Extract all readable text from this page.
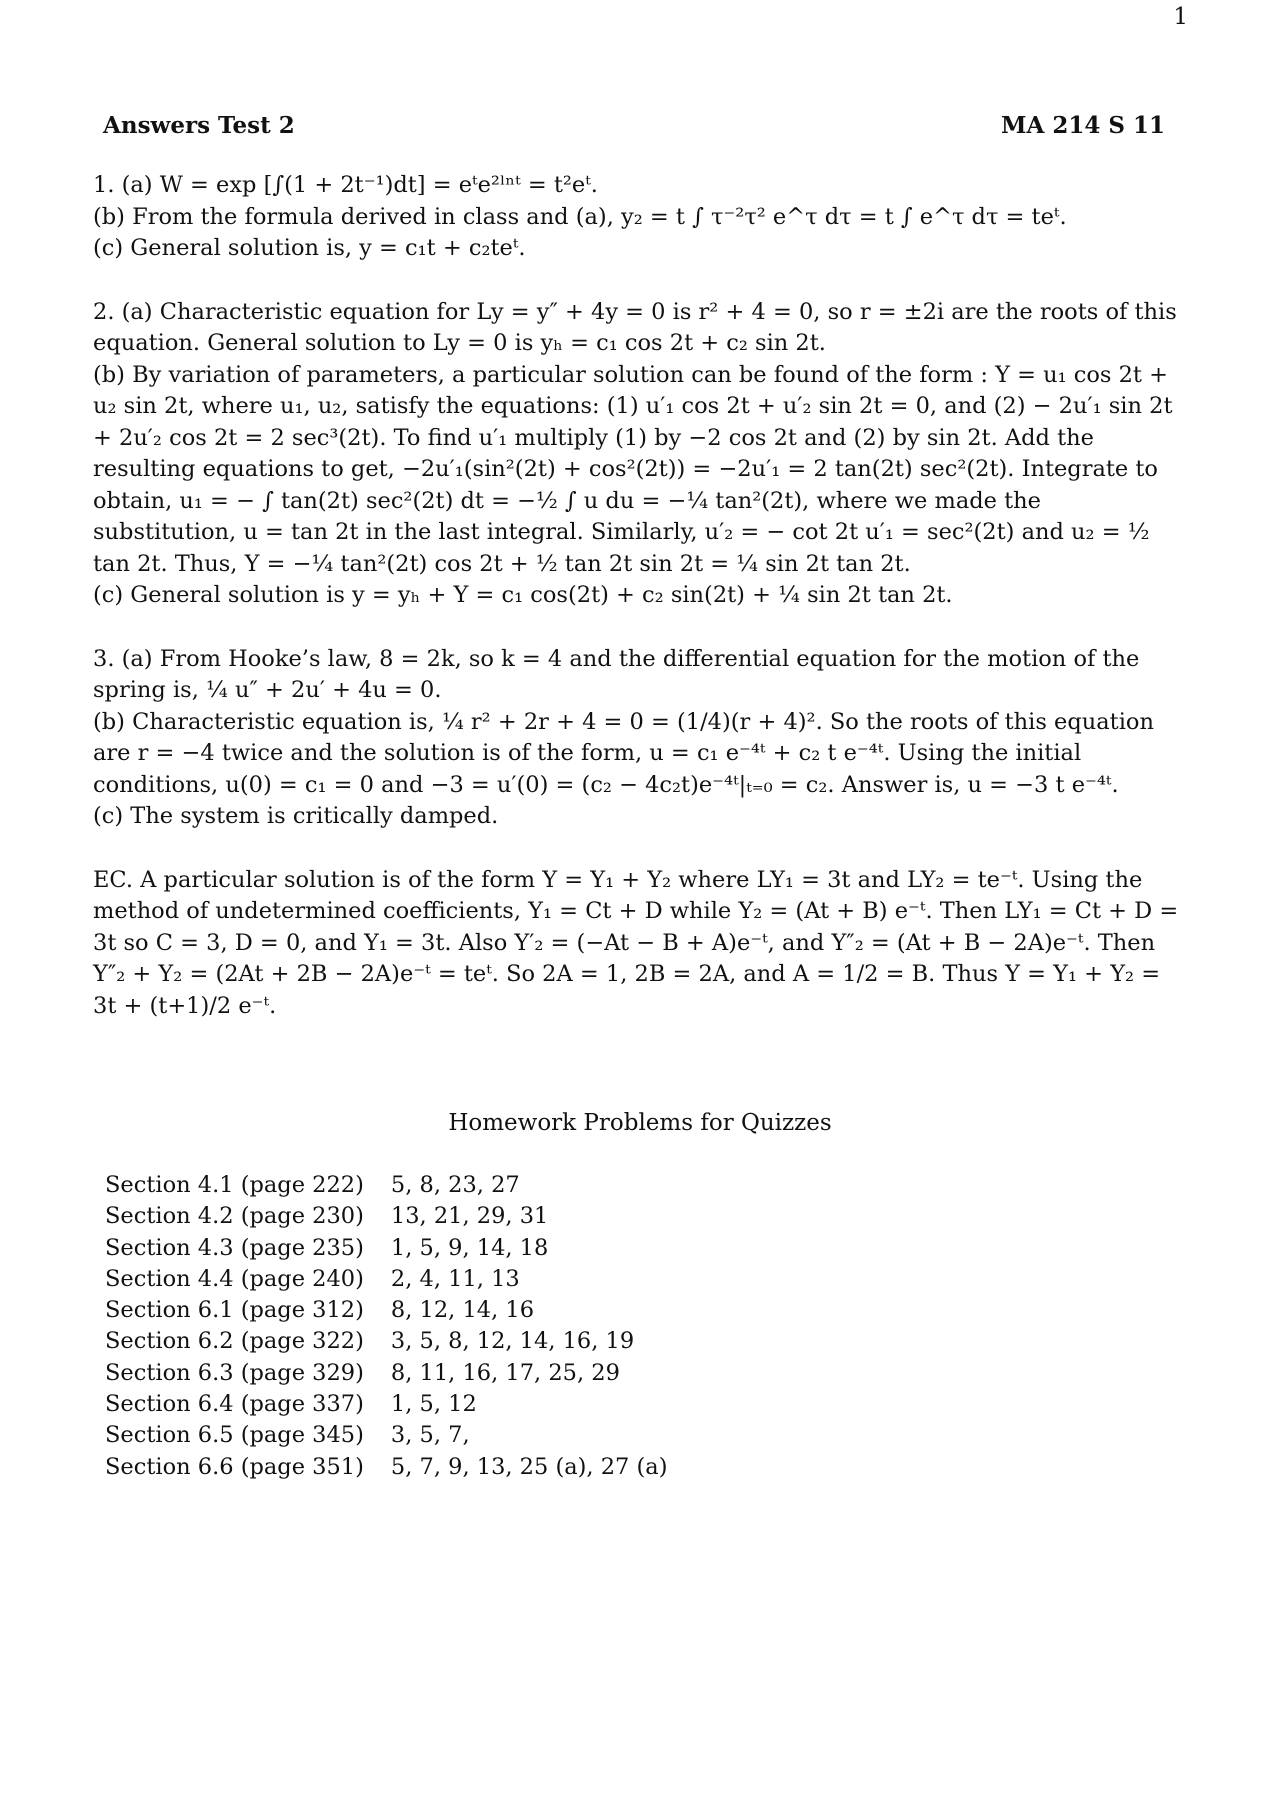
1
Answers Test 2	MA 214 S 11

1. (a) W = exp [∫(1 + 2t⁻¹)dt] = eᵗe²ˡⁿᵗ = t²eᵗ.

(b) From the formula derived in class and (a), y₂ = t ∫ τ⁻²τ² e^τ dτ = t ∫ e^τ dτ = teᵗ.

(c) General solution is, y = c₁t + c₂teᵗ.

2. (a) Characteristic equation for Ly = y″ + 4y = 0 is r² + 4 = 0, so r = ±2i are the roots of this equation. General solution to Ly = 0 is yₕ = c₁ cos 2t + c₂ sin 2t.

(b) By variation of parameters, a particular solution can be found of the form : Y = u₁ cos 2t + u₂ sin 2t, where u₁, u₂, satisfy the equations: (1) u′₁ cos 2t + u′₂ sin 2t = 0, and (2) − 2u′₁ sin 2t + 2u′₂ cos 2t = 2 sec³(2t). To find u′₁ multiply (1) by −2 cos 2t and (2) by sin 2t. Add the resulting equations to get, −2u′₁(sin²(2t) + cos²(2t)) = −2u′₁ = 2 tan(2t) sec²(2t). Integrate to obtain, u₁ = − ∫ tan(2t) sec²(2t) dt = −½ ∫ u du = −¼ tan²(2t), where we made the substitution, u = tan 2t in the last integral. Similarly, u′₂ = − cot 2t u′₁ = sec²(2t) and u₂ = ½ tan 2t. Thus, Y = −¼ tan²(2t) cos 2t + ½ tan 2t sin 2t = ¼ sin 2t tan 2t.

(c) General solution is y = yₕ + Y = c₁ cos(2t) + c₂ sin(2t) + ¼ sin 2t tan 2t.

3. (a) From Hooke’s law, 8 = 2k, so k = 4 and the differential equation for the motion of the spring is, ¼ u″ + 2u′ + 4u = 0.

(b) Characteristic equation is, ¼ r² + 2r + 4 = 0 = (1/4)(r + 4)². So the roots of this equation are r = −4 twice and the solution is of the form, u = c₁ e⁻⁴ᵗ + c₂ t e⁻⁴ᵗ. Using the initial conditions, u(0) = c₁ = 0 and −3 = u′(0) = (c₂ − 4c₂t)e⁻⁴ᵗ|ₜ₌₀ = c₂. Answer is, u = −3 t e⁻⁴ᵗ.

(c) The system is critically damped.

EC. A particular solution is of the form Y = Y₁ + Y₂ where LY₁ = 3t and LY₂ = te⁻ᵗ. Using the method of undetermined coefficients, Y₁ = Ct + D while Y₂ = (At + B) e⁻ᵗ. Then LY₁ = Ct + D = 3t so C = 3, D = 0, and Y₁ = 3t. Also Y′₂ = (−At − B + A)e⁻ᵗ, and Y″₂ = (At + B − 2A)e⁻ᵗ. Then Y″₂ + Y₂ = (2At + 2B − 2A)e⁻ᵗ = teᵗ. So 2A = 1, 2B = 2A, and A = 1/2 = B. Thus Y = Y₁ + Y₂ = 3t + (t+1)/2 e⁻ᵗ.

Homework Problems for Quizzes
Section 4.1 (page 222)	5, 8, 23, 27
Section 4.2 (page 230)	13, 21, 29, 31
Section 4.3 (page 235)	1, 5, 9, 14, 18
Section 4.4 (page 240)	2, 4, 11, 13
Section 6.1 (page 312)	8, 12, 14, 16
Section 6.2 (page 322)	3, 5, 8, 12, 14, 16, 19
Section 6.3 (page 329)	8, 11, 16, 17, 25, 29
Section 6.4 (page 337)	1, 5, 12
Section 6.5 (page 345)	3, 5, 7,
Section 6.6 (page 351)	5, 7, 9, 13, 25 (a), 27 (a)
